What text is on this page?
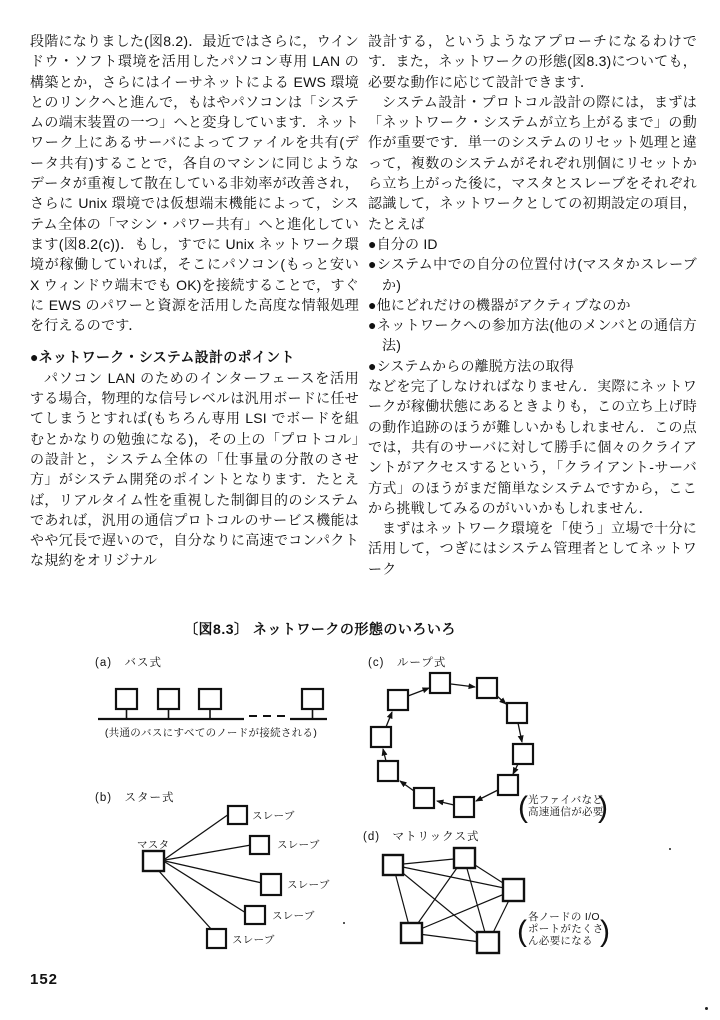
段階になりました(図8.2)．最近ではさらに，ウインドウ・ソフト環境を活用したパソコン専用 LAN の構築とか，さらにはイーサネットによる EWS 環境とのリンクへと進んで，もはやパソコンは「システムの端末装置の一つ」へと変身しています．ネットワーク上にあるサーバによってファイルを共有(データ共有)することで，各自のマシンに同じようなデータが重複して散在している非効率が改善され，さらに Unix 環境では仮想端末機能によって，システム全体の「マシン・パワー共有」へと進化しています(図8.2(c))．もし，すでに Unix ネットワーク環境が稼働していれば，そこにパソコン(もっと安い X ウィンドウ端末でも OK)を接続することで，すぐに EWS のパワーと資源を活用した高度な情報処理を行えるのです．

●ネットワーク・システム設計のポイント

パソコン LAN のためのインターフェースを活用する場合，物理的な信号レベルは汎用ボードに任せてしまうとすれば(もちろん専用 LSI でボードを組むとかなりの勉強になる)，その上の「プロトコル」の設計と，システム全体の「仕事量の分散のさせ方」がシステム開発のポイントとなります．たとえば，リアルタイム性を重視した制御目的のシステムであれば，汎用の通信プロトコルのサービス機能はやや冗長で遅いので，自分なりに高速でコンパクトな規約をオリジナル

設計する，というようなアプローチになるわけです．また，ネットワークの形態(図8.3)についても，必要な動作に応じて設計できます．

システム設計・プロトコル設計の際には，まずは「ネットワーク・システムが立ち上がるまで」の動作が重要です．単一のシステムのリセット処理と違って，複数のシステムがそれぞれ別個にリセットから立ち上がった後に，マスタとスレーブをそれぞれ認識して，ネットワークとしての初期設定の項目，たとえば

●自分の ID
●システム中での自分の位置付け(マスタかスレーブか)
●他にどれだけの機器がアクティブなのか
●ネットワークへの参加方法(他のメンバとの通信方法)
●システムからの離脱方法の取得

などを完了しなければなりません．実際にネットワークが稼働状態にあるときよりも，この立ち上げ時の動作追跡のほうが難しいかもしれません．この点では，共有のサーバに対して勝手に個々のクライアントがアクセスするという，「クライアント-サーバ方式」のほうがまだ簡単なシステムですから，ここから挑戦してみるのがいいかもしれません．

まずはネットワーク環境を「使う」立場で十分に活用して，つぎにはシステム管理者としてネットワーク

〔図8.3〕 ネットワークの形態のいろいろ
(a)　バス式
(共通のバスにすべてのノードが接続される)
(b)　スター式
マスタ
スレーブ
スレーブ
スレーブ
スレーブ
スレーブ
(c)　ループ式
( )
光ファイバなど
高速通信が必要
(d)　マトリックス式
( )
各ノードの I/O
ポートがたくさ
ん必要になる
152
